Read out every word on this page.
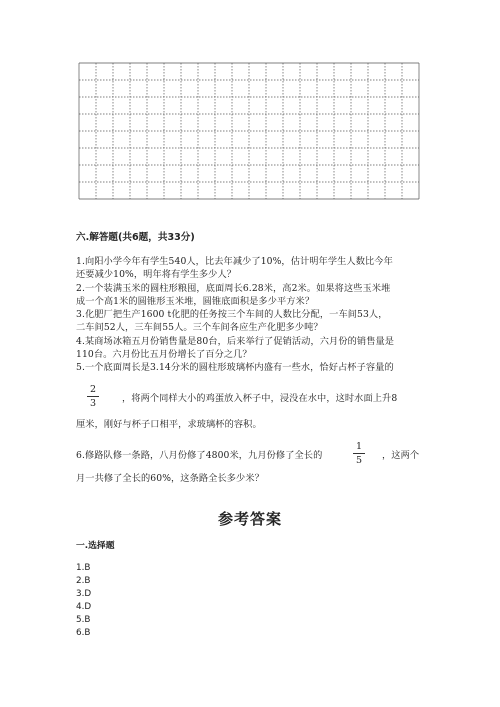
六.解答题(共6题，共33分)
1.向阳小学今年有学生540人，比去年减少了10%，估计明年学生人数比今年
还要减少10%，明年将有学生多少人？
2.一个装满玉米的圆柱形粮囤，底面周长6.28米，高2米。如果将这些玉米堆
成一个高1米的圆锥形玉米堆，圆锥底面积是多少平方米？
3.化肥厂把生产1600 t化肥的任务按三个车间的人数比分配，一车间53人，
二车间52人，三车间55人。三个车间各应生产化肥多少吨？
4.某商场冰箱五月份销售量是80台，后来举行了促销活动，六月份的销售量是
110台。六月份比五月份增长了百分之几？
5.一个底面周长是3.14分米的圆柱形玻璃杯内盛有一些水，恰好占杯子容量的
2
3	，将两个同样大小的鸡蛋放入杯子中，浸没在水中，这时水面上升8
厘米，刚好与杯子口相平，求玻璃杯的容积。
6.修路队修一条路，八月份修了4800米，九月份修了全长的
1
5	，这两个
月一共修了全长的60%，这条路全长多少米？
参考答案
一.选择题
1.B
2.B
3.D
4.D
5.B
6.B
